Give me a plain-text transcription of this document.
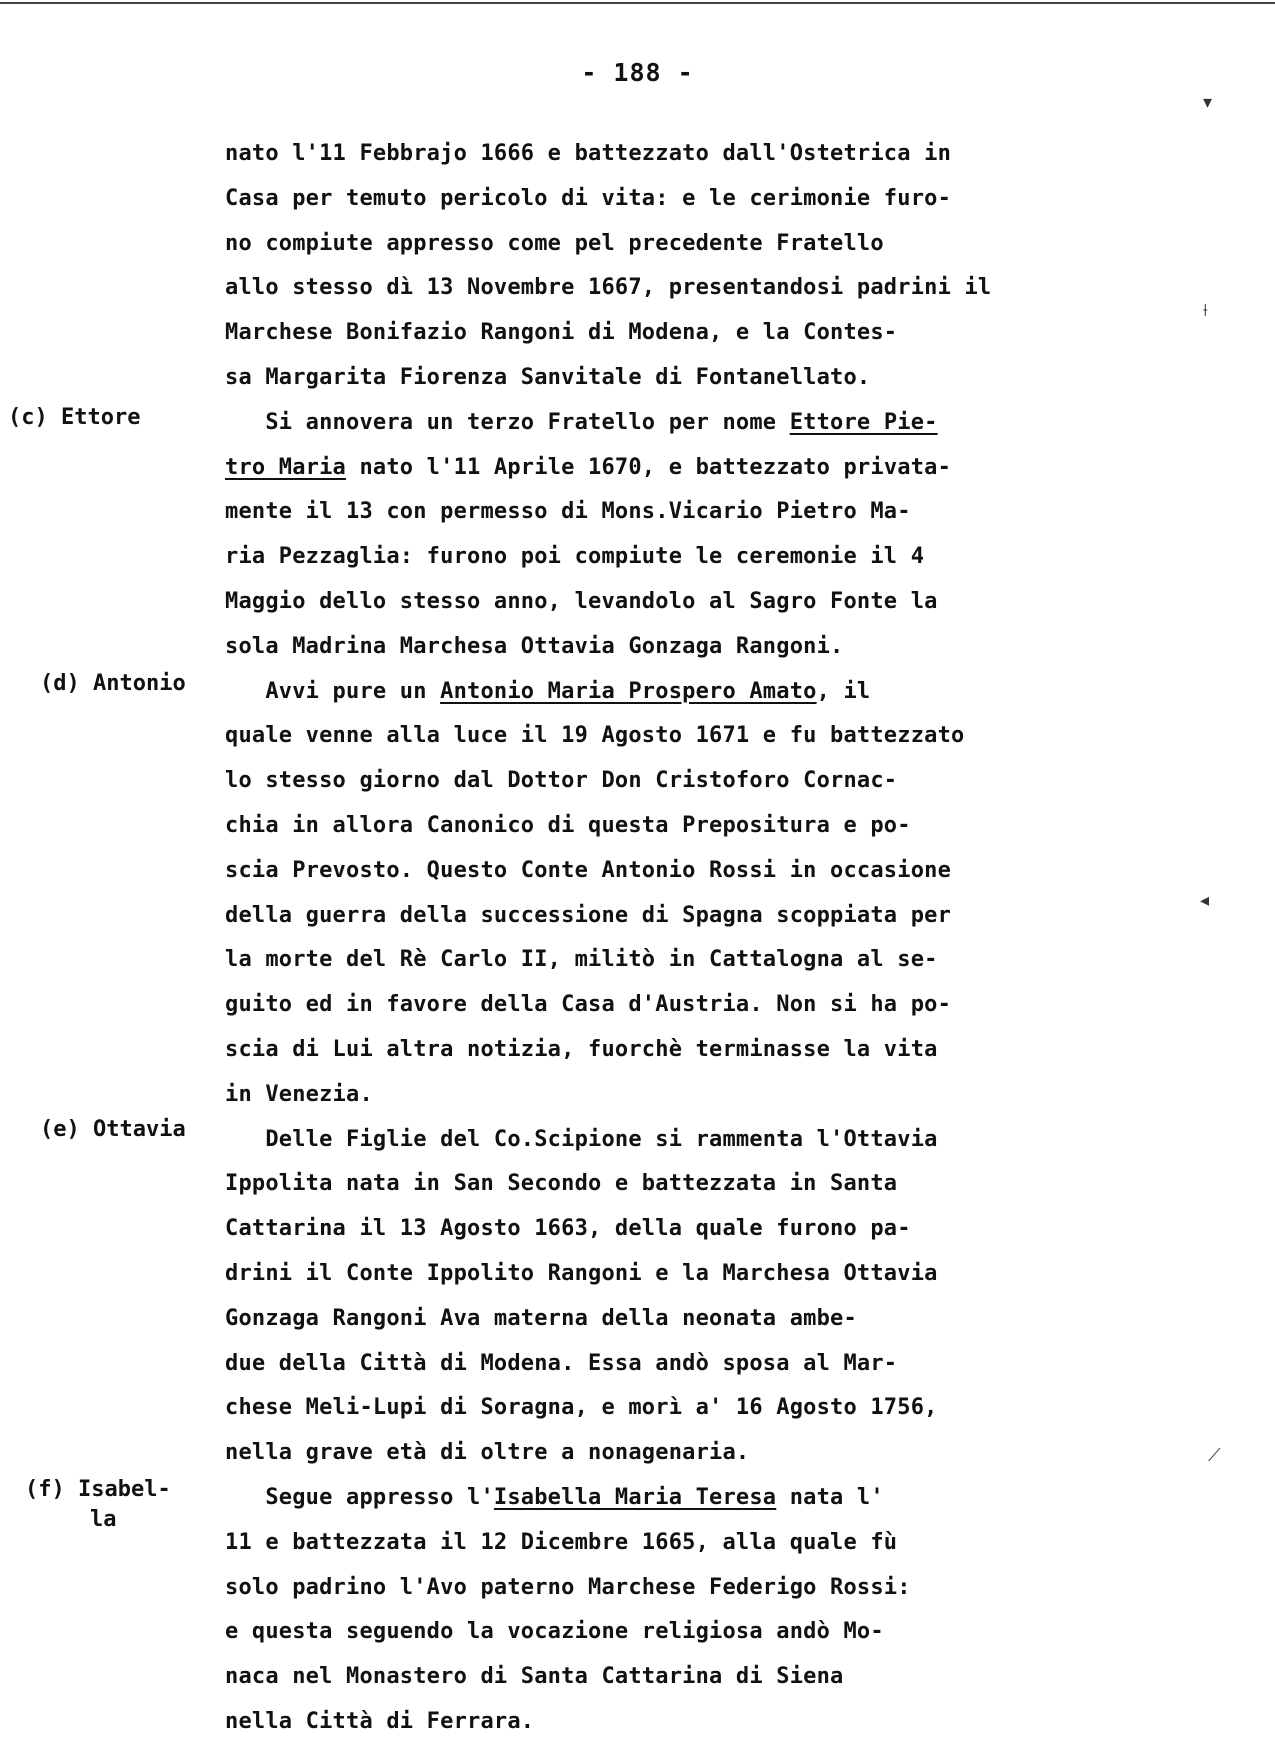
- 188 -
nato l'11 Febbrajo 1666 e battezzato dall'Ostetrica in
Casa per temuto pericolo di vita: e le cerimonie furo-
no compiute appresso come pel precedente Fratello
allo stesso dì 13 Novembre 1667, presentandosi padrini il
Marchese Bonifazio Rangoni di Modena, e la Contes-
sa Margarita Fiorenza Sanvitale di Fontanellato.
Si annovera un terzo Fratello per nome Ettore Pie-
tro Maria nato l'11 Aprile 1670, e battezzato privata-
mente il 13 con permesso di Mons.Vicario Pietro Ma-
ria Pezzaglia: furono poi compiute le ceremonie il 4
Maggio dello stesso anno, levandolo al Sagro Fonte la
sola Madrina Marchesa Ottavia Gonzaga Rangoni.
Avvi pure un Antonio Maria Prospero Amato, il
quale venne alla luce il 19 Agosto 1671 e fu battezzato
lo stesso giorno dal Dottor Don Cristoforo Cornac-
chia in allora Canonico di questa Prepositura e po-
scia Prevosto. Questo Conte Antonio Rossi in occasione
della guerra della successione di Spagna scoppiata per
la morte del Rè Carlo II, militò in Cattalogna al se-
guito ed in favore della Casa d'Austria. Non si ha po-
scia di Lui altra notizia, fuorchè terminasse la vita
in Venezia.
Delle Figlie del Co.Scipione si rammenta l'Ottavia
Ippolita nata in San Secondo e battezzata in Santa
Cattarina il 13 Agosto 1663, della quale furono pa-
drini il Conte Ippolito Rangoni e la Marchesa Ottavia
Gonzaga Rangoni Ava materna della neonata ambe-
due della Città di Modena. Essa andò sposa al Mar-
chese Meli-Lupi di Soragna, e morì a' 16 Agosto 1756,
nella grave età di oltre a nonagenaria.
Segue appresso l'Isabella Maria Teresa nata l'
11 e battezzata il 12 Dicembre 1665, alla quale fù
solo padrino l'Avo paterno Marchese Federigo Rossi:
e questa seguendo la vocazione religiosa andò Mo-
naca nel Monastero di Santa Cattarina di Siena
nella Città di Ferrara.
(c) Ettore
(d) Antonio
(e) Ottavia
(f) Isabel-
la
▾
⟊
◂
⟋
